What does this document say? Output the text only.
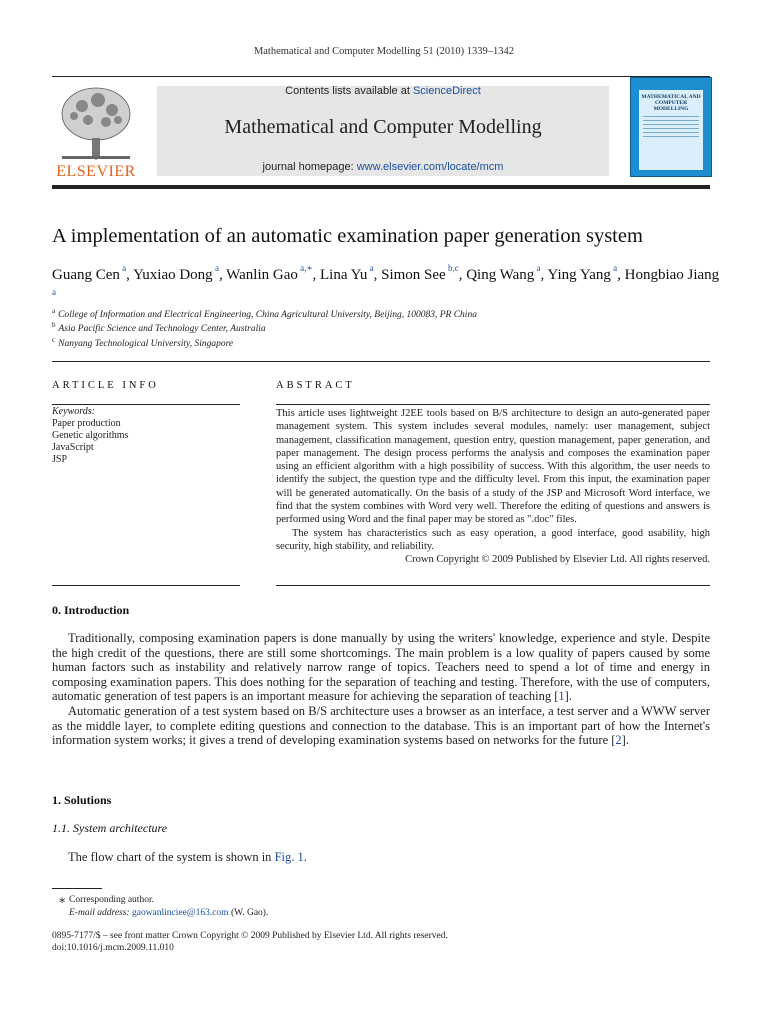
Mathematical and Computer Modelling 51 (2010) 1339–1342
ELSEVIER
Contents lists available at ScienceDirect
Mathematical and Computer Modelling
journal homepage: www.elsevier.com/locate/mcm
MATHEMATICAL AND COMPUTER MODELLING
A implementation of an automatic examination paper generation system
Guang Cen $^a$, Yuxiao Dong $^a$, Wanlin Gao $^{a,∗}$, Lina Yu $^a$, Simon See $^{b,c}$, Qing Wang $^a$, Ying Yang $^a$, Hongbiao Jiang $^a$
$^a$ College of Information and Electrical Engineering, China Agricultural University, Beijing, 100083, PR China
$^b$ Asia Pacific Science and Technology Center, Australia
$^c$ Nanyang Technological University, Singapore
ARTICLE INFO
Keywords:
Paper production
Genetic algorithms
JavaScript
JSP
ABSTRACT

This article uses lightweight J2EE tools based on B/S architecture to design an auto-generated paper management system. This system includes several modules, namely: user management, subject management, classification management, question entry, question management, paper generation, and paper management. The design process performs the analysis and composes the examination paper using an efficient algorithm with a high possibility of success. With this algorithm, the user needs to identify the subject, the question type and the difficulty level. From this input, the examination paper will be generated automatically. On the basis of a study of the JSP and Microsoft Word interface, we find that the system combines with Word very well. Therefore the editing of questions and answers is performed using Word and the final paper may be stored as ".doc" files.

The system has characteristics such as easy operation, a good interface, good usability, high security, high stability, and reliability.

Crown Copyright © 2009 Published by Elsevier Ltd. All rights reserved.

0. Introduction

Traditionally, composing examination papers is done manually by using the writers' knowledge, experience and style. Despite the high credit of the questions, there are still some shortcomings. The main problem is a low quality of papers caused by some human factors such as instability and relatively narrow range of topics. Teachers need to spend a lot of time and energy in composing examination papers. This does nothing for the separation of teaching and testing. Therefore, with the use of computers, automatic generation of test papers is an important measure for achieving the separation of teaching [1].

Automatic generation of a test system based on B/S architecture uses a browser as an interface, a test server and a WWW server as the middle layer, to complete editing questions and connection to the database. This is an important part of how the Internet's information system works; it gives a trend of developing examination systems based on networks for the future [2].

1. Solutions
1.1. System architecture
The flow chart of the system is shown in Fig. 1.
∗ Corresponding author.
E-mail address: gaowanlinciee@163.com (W. Gao).
0895-7177/$ – see front matter Crown Copyright © 2009 Published by Elsevier Ltd. All rights reserved.
doi:10.1016/j.mcm.2009.11.010
